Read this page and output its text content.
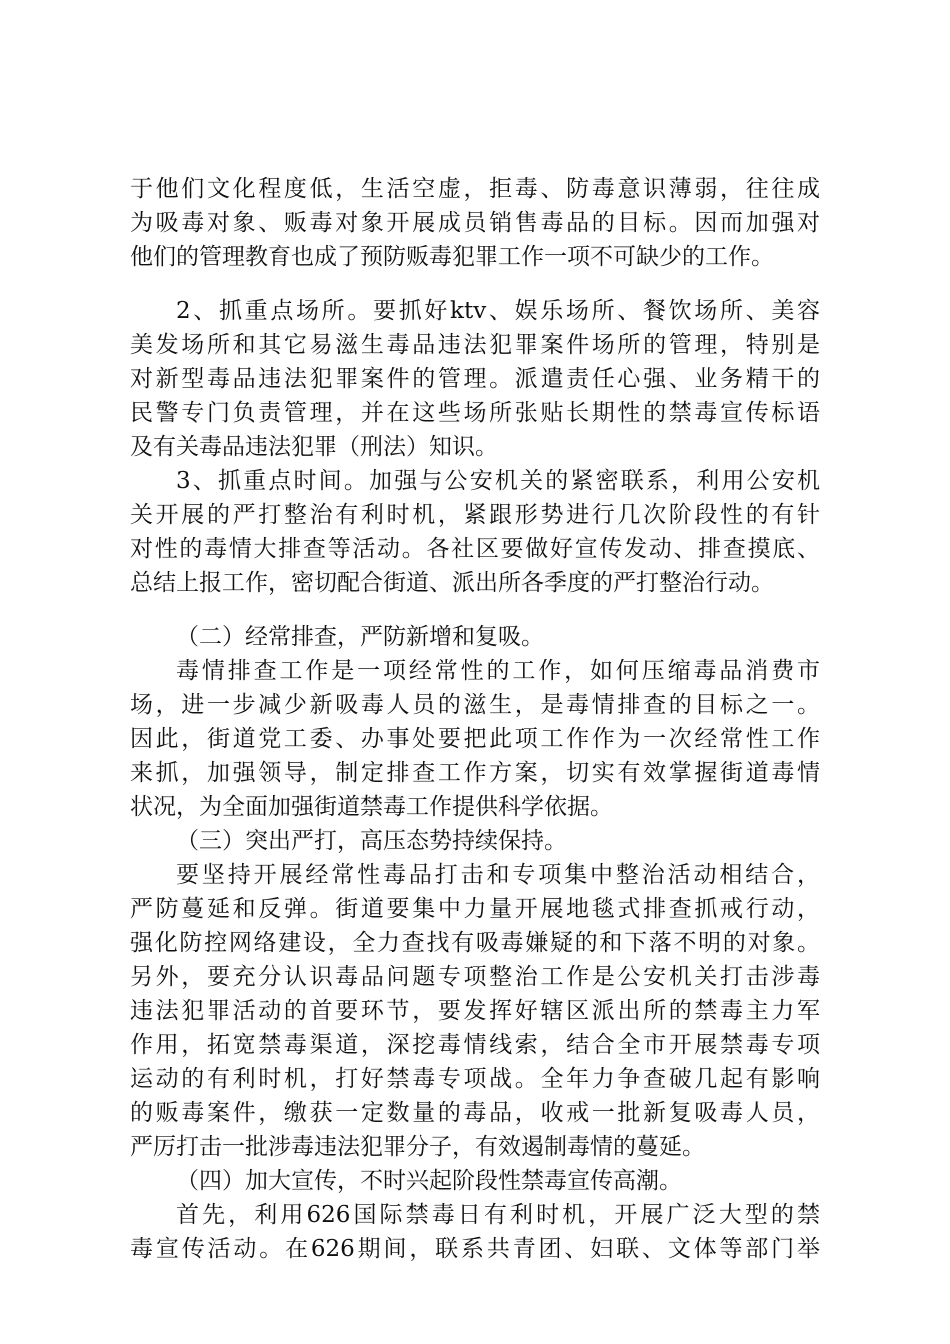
于他们文化程度低，生活空虚，拒毒、防毒意识薄弱，往往成
为吸毒对象、贩毒对象开展成员销售毒品的目标。因而加强对
他们的管理教育也成了预防贩毒犯罪工作一项不可缺少的工作。
2、抓重点场所。要抓好ktv、娱乐场所、餐饮场所、美容
美发场所和其它易滋生毒品违法犯罪案件场所的管理，特别是
对新型毒品违法犯罪案件的管理。派遣责任心强、业务精干的
民警专门负责管理，并在这些场所张贴长期性的禁毒宣传标语
及有关毒品违法犯罪（刑法）知识。
3、抓重点时间。加强与公安机关的紧密联系，利用公安机
关开展的严打整治有利时机，紧跟形势进行几次阶段性的有针
对性的毒情大排查等活动。各社区要做好宣传发动、排查摸底、
总结上报工作，密切配合街道、派出所各季度的严打整治行动。
（二）经常排查，严防新增和复吸。
毒情排查工作是一项经常性的工作，如何压缩毒品消费市
场，进一步减少新吸毒人员的滋生，是毒情排查的目标之一。
因此，街道党工委、办事处要把此项工作作为一次经常性工作
来抓，加强领导，制定排查工作方案，切实有效掌握街道毒情
状况，为全面加强街道禁毒工作提供科学依据。
（三）突出严打，高压态势持续保持。
要坚持开展经常性毒品打击和专项集中整治活动相结合，
严防蔓延和反弹。街道要集中力量开展地毯式排查抓戒行动，
强化防控网络建设，全力查找有吸毒嫌疑的和下落不明的对象。
另外，要充分认识毒品问题专项整治工作是公安机关打击涉毒
违法犯罪活动的首要环节，要发挥好辖区派出所的禁毒主力军
作用，拓宽禁毒渠道，深挖毒情线索，结合全市开展禁毒专项
运动的有利时机，打好禁毒专项战。全年力争查破几起有影响
的贩毒案件，缴获一定数量的毒品，收戒一批新复吸毒人员，
严厉打击一批涉毒违法犯罪分子，有效遏制毒情的蔓延。
（四）加大宣传，不时兴起阶段性禁毒宣传高潮。
首先，利用626国际禁毒日有利时机，开展广泛大型的禁
毒宣传活动。在626期间，联系共青团、妇联、文体等部门举
